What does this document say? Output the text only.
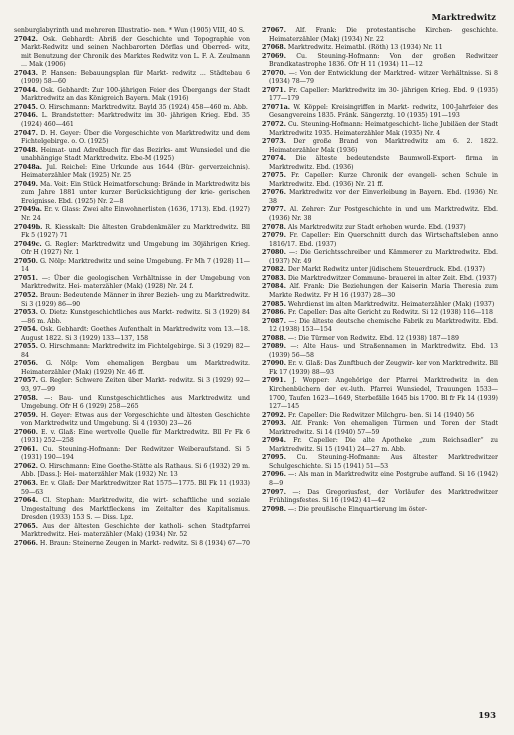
Marktredwitz
senburglabyrinth und mehreren Illustratio- nen. * Wun (1905) VIII, 40 S.
27042. Osk. Gebhardt: Abriß der Geschichte und Topographie von Markt-Redwitz und seinen Nachbarorten Dörflas und Oberred- witz, mit Benutzung der Chronik des Marktes Redwitz von L. F. A. Zeulmann ... Mak (1906)
27043. P. Hansen: Bebauungsplan für Markt- redwitz ... Städtebau 6 (1909) 58—60
27044. Osk. Gebhardt: Zur 100-jährigen Feier des Übergangs der Stadt Marktredwitz an das Königreich Bayern. Mak (1916)
27045. O. Hirschmann: Marktredwitz. Bayld 35 (1924) 458—460 m. Abb.
27046. L. Brandstetter: Marktredwitz im 30- jährigen Krieg. Ebd. 35 (1924) 460—461
27047. D. H. Geyer: Über die Vorgeschichte von Marktredwitz und dem Fichtelgebirge. o. O. (1925)
27048. Heimat- und Adreßbuch für das Bezirks- amt Wunsiedel und die unabhängige Stadt Marktredwitz. Ebe-M (1925)
27048a. Jul. Reichel: Eine Urkunde aus 1644 (Bür- gerverzeichnis). Heimaterzähler Mak (1925) Nr. 25
27049. Ma. Voit: Ein Stück Heimatforschung: Brände in Marktredwitz bis zum Jahre 1881 unter kurzer Berücksichtigung der krie- gerischen Ereignisse. Ebd. (1925) Nr. 2—8
27049a. Er. v. Glass: Zwei alte Einwohnerlisten (1636, 1713). Ebd. (1927) Nr. 24
27049b. R. Kiesskalt: Die ältesten Grabdenkmäler zu Marktredwitz. Bll Fk 5 (1927) 71
27049c. G. Regler: Marktredwitz und Umgebung im 30jährigen Krieg. Ofr H (1927) Nr. 1
27050. G. Nölp: Marktredwitz und seine Umgebung. Fr Mh 7 (1928) 11—14
27051. —: Über die geologischen Verhältnisse in der Umgebung von Marktredwitz. Hei- materzähler (Mak) (1928) Nr. 24 f.
27052. Braun: Bedeutende Männer in ihrer Bezieh- ung zu Marktredwitz. Si 3 (1929) 86—90
27053. O. Dietz: Kunstgeschichtliches aus Markt- redwitz. Si 3 (1929) 84—86 m. Abb.
27054. Osk. Gebhardt: Goethes Aufenthalt in Marktredwitz vom 13.—18. August 1822. Si 3 (1929) 133—137, 158
27055. O. Hirschmann: Marktredwitz im Fichtelgebirge. Si 3 (1929) 82—84
27056. G. Nölp: Vom ehemaligen Bergbau um Marktredwitz. Heimaterzähler (Mak) (1929) Nr. 46 ff.
27057. G. Regler: Schwere Zeiten über Markt- redwitz. Si 3 (1929) 92—93, 97—99
27058. —: Bau- und Kunstgeschichtliches aus Marktredwitz und Umgebung. Ofr H 6 (1929) 258—265
27059. H. Geyer: Etwas aus der Vorgeschichte und ältesten Geschichte von Marktredwitz und Umgebung. Si 4 (1930) 23—26
27060. E. v. Glaß: Eine wertvolle Quelle für Marktredwitz. Bll Fr Fk 6 (1931) 252—258
27061. Cu. Steuning-Hofmann: Der Redwitzer Weiberaufstand. Si 5 (1931) 190—194
27062. O. Hirschmann: Eine Goethe-Stätte als Rathaus. Si 6 (1932) 29 m. Abb. [Dass.]: Hei- materzähler Mak (1932) Nr. 13
27063. Er. v. Glaß: Der Marktredwitzer Rat 1575—1775. Bll Fk 11 (1933) 59—63
27064. Cl. Stephan: Marktredwitz, die wirt- schaftliche und soziale Umgestaltung des Marktfleckens im Zeitalter des Kapitalismus. Dresden (1933) 153 S. — Diss. Lpz.
27065. Aus der ältesten Geschichte der katholi- schen Stadtpfarrei Marktredwitz. Hei- materzähler (Mak) (1934) Nr. 52
27066. H. Braun: Steinerne Zeugen in Markt- redwitz. Si 8 (1934) 67—70
27067. Alf. Frank: Die protestantische Kirchen- geschichte. Heimaterzähler (Mak) (1934) Nr. 22
27068. Marktredwitz. Heimatbl. (Röth) 13 (1934) Nr. 11
27069. Cu. Steuning-Hofmann: Von der großen Redwitzer Brandkatastrophe 1836. Ofr H 11 (1934) 11—12
27070. —: Von der Entwicklung der Marktred- witzer Verhältnisse. Si 8 (1934) 78—79
27071. Fr. Capeller: Marktredwitz im 30- jährigen Krieg. Ebd. 9 (1935) 177—179
27071a. W. Köppel: Kreisingriffen in Markt- redwitz, 100-Jahrfeier des Gesangvereins 1835. Fränk. Sängerztg. 10 (1935) 191—193
27072. Cu. Steuning-Hofmann: Heimatgeschicht- liche Jubiläen der Stadt Marktredwitz 1935. Heimaterzähler Mak (1935) Nr. 4
27073. Der große Brand von Marktredwitz am 6. 2. 1822. Heimaterzähler Mak (1936)
27074. Die älteste bedeutendste Baumwoll-Export- firma in Marktredwitz. Ebd. (1936)
27075. Fr. Capeller: Kurze Chronik der evangeli- schen Schule in Marktredwitz. Ebd. (1936) Nr. 21 ff.
27076. Marktredwitz vor der Einverleibung in Bayern. Ebd. (1936) Nr. 38
27077. Al. Zehrer: Zur Postgeschichte in und um Marktredwitz. Ebd. (1936) Nr. 38
27078. Als Marktredwitz zur Stadt erhoben wurde. Ebd. (1937)
27079. Fr. Capeller: Ein Querschnitt durch das Wirtschaftsleben anno 1816/17. Ebd. (1937)
27080. —: Die Gerichtsschreiber und Kämmerer zu Marktredwitz. Ebd. (1937) Nr. 49
27082. Der Markt Redwitz unter jüdischem Steuerdruck. Ebd. (1937)
27083. Die Marktredwitzer Commune- brauerei in alter Zeit. Ebd. (1937)
27084. Alf. Frank: Die Beziehungen der Kaiserin Maria Theresia zum Markte Redwitz. Fr H 16 (1937) 28—30
27085. Wehrdienst im alten Marktredwitz. Heimaterzähler (Mak) (1937)
27086. Fr. Capeller: Das alte Gericht zu Redwitz. Si 12 (1938) 116—118
27087. —: Die älteste deutsche chemische Fabrik zu Marktredwitz. Ebd. 12 (1938) 153—154
27088. —: Die Türmer von Redwitz. Ebd. 12 (1938) 187—189
27089. —: Alte Haus- und Straßennamen in Marktredwitz. Ebd. 13 (1939) 56—58
27090. Er. v. Glaß: Das Zunftbuch der Zeugwir- ker von Marktredwitz. Bll Fk 17 (1939) 88—93
27091. J. Wopper: Angehörige der Pfarrei Marktredwitz in den Kirchenbüchern der ev.-luth. Pfarrei Wunsiedel, Trauungen 1533—1700, Taufen 1623—1649, Sterbefälle 1645 bis 1700. Bl fr Fk 14 (1939) 127—145
27092. Fr. Capeller: Die Redwitzer Milchgru- ben. Si 14 (1940) 56
27093. Alf. Frank: Von ehemaligen Türmen und Toren der Stadt Marktredwitz. Si 14 (1940) 57—59
27094. Fr. Capeller: Die alte Apotheke „zum Reichsadler“ zu Marktredwitz. Si 15 (1941) 24—27 m. Abb.
27095. Cu. Steuning-Hofmann: Aus ältester Marktredwitzer Schulgeschichte. Si 15 (1941) 51—53
27096. —: Als man in Marktredwitz eine Postgrube auffand. Si 16 (1942) 8—9
27097. —: Das Gregoriusfest, der Vorläufer des Marktredwitzer Frühlingsfestes. Si 16 (1942) 41—42
27098. —: Die preußische Einquartierung im öster-
193
